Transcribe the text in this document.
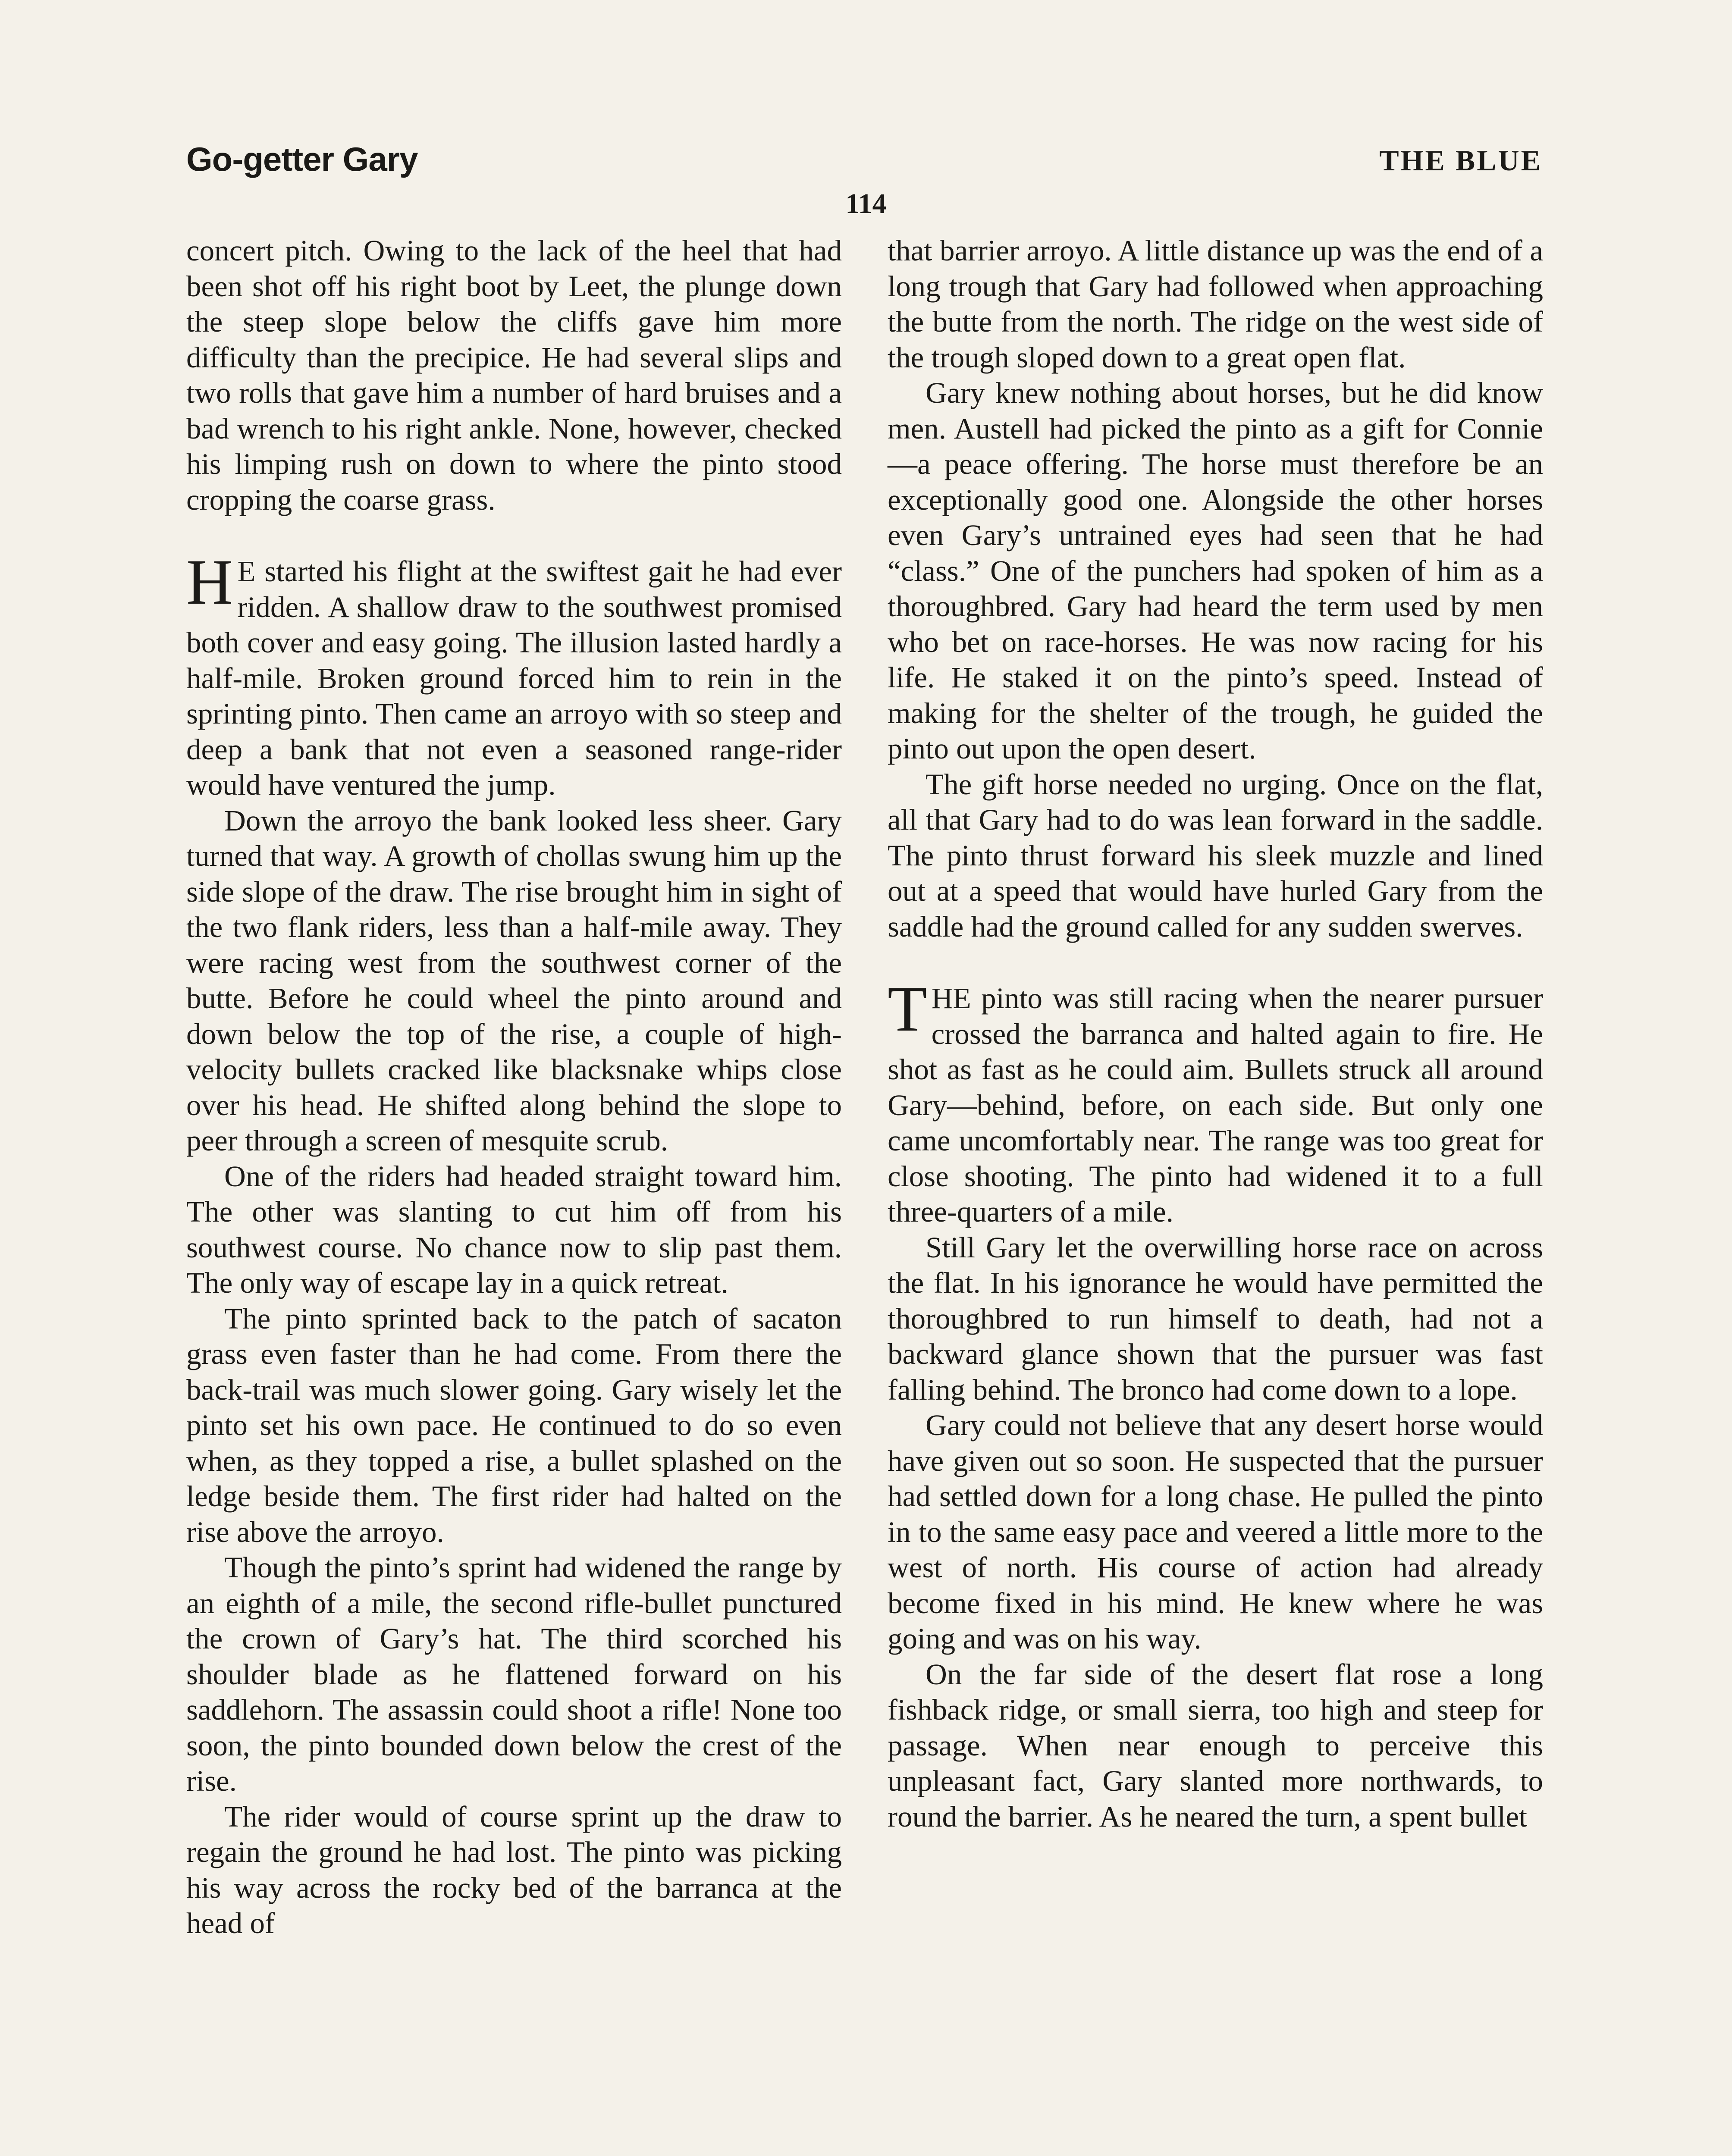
Go-getter Gary	THE BLUE
114

concert pitch. Owing to the lack of the heel that had been shot off his right boot by Leet, the plunge down the steep slope below the cliffs gave him more difficulty than the precipice. He had several slips and two rolls that gave him a number of hard bruises and a bad wrench to his right ankle. None, however, checked his limping rush on down to where the pinto stood cropping the coarse grass.

H E started his flight at the swiftest gait he had ever ridden. A shallow draw to the southwest promised both cover and easy going. The illusion lasted hardly a half-mile. Broken ground forced him to rein in the sprinting pinto. Then came an arroyo with so steep and deep a bank that not even a seasoned range-rider would have ventured the jump.

Down the arroyo the bank looked less sheer. Gary turned that way. A growth of chollas swung him up the side slope of the draw. The rise brought him in sight of the two flank riders, less than a half-mile away. They were racing west from the southwest corner of the butte. Before he could wheel the pinto around and down below the top of the rise, a couple of high-velocity bullets cracked like blacksnake whips close over his head. He shifted along behind the slope to peer through a screen of mesquite scrub.

One of the riders had headed straight toward him. The other was slanting to cut him off from his southwest course. No chance now to slip past them. The only way of escape lay in a quick retreat.

The pinto sprinted back to the patch of sacaton grass even faster than he had come. From there the back-trail was much slower going. Gary wisely let the pinto set his own pace. He continued to do so even when, as they topped a rise, a bullet splashed on the ledge beside them. The first rider had halted on the rise above the arroyo.

Though the pinto’s sprint had widened the range by an eighth of a mile, the second rifle-bullet punctured the crown of Gary’s hat. The third scorched his shoulder blade as he flattened forward on his saddlehorn. The assassin could shoot a rifle! None too soon, the pinto bounded down below the crest of the rise.

The rider would of course sprint up the draw to regain the ground he had lost. The pinto was picking his way across the rocky bed of the barranca at the head of

that barrier arroyo. A little distance up was the end of a long trough that Gary had followed when approaching the butte from the north. The ridge on the west side of the trough sloped down to a great open flat.

Gary knew nothing about horses, but he did know men. Austell had picked the pinto as a gift for Connie—a peace offering. The horse must therefore be an exceptionally good one. Alongside the other horses even Gary’s untrained eyes had seen that he had “class.” One of the punchers had spoken of him as a thoroughbred. Gary had heard the term used by men who bet on race-horses. He was now racing for his life. He staked it on the pinto’s speed. Instead of making for the shelter of the trough, he guided the pinto out upon the open desert.

The gift horse needed no urging. Once on the flat, all that Gary had to do was lean forward in the saddle. The pinto thrust forward his sleek muzzle and lined out at a speed that would have hurled Gary from the saddle had the ground called for any sudden swerves.

THE pinto was still racing when the nearer pursuer crossed the barranca and halted again to fire. He shot as fast as he could aim. Bullets struck all around Gary—behind, before, on each side. But only one came uncomfortably near. The range was too great for close shooting. The pinto had widened it to a full three-quarters of a mile.

Still Gary let the overwilling horse race on across the flat. In his ignorance he would have permitted the thoroughbred to run himself to death, had not a backward glance shown that the pursuer was fast falling behind. The bronco had come down to a lope.

Gary could not believe that any desert horse would have given out so soon. He suspected that the pursuer had settled down for a long chase. He pulled the pinto in to the same easy pace and veered a little more to the west of north. His course of action had already become fixed in his mind. He knew where he was going and was on his way.

On the far side of the desert flat rose a long fishback ridge, or small sierra, too high and steep for passage. When near enough to perceive this unpleasant fact, Gary slanted more northwards, to round the barrier. As he neared the turn, a spent bullet
